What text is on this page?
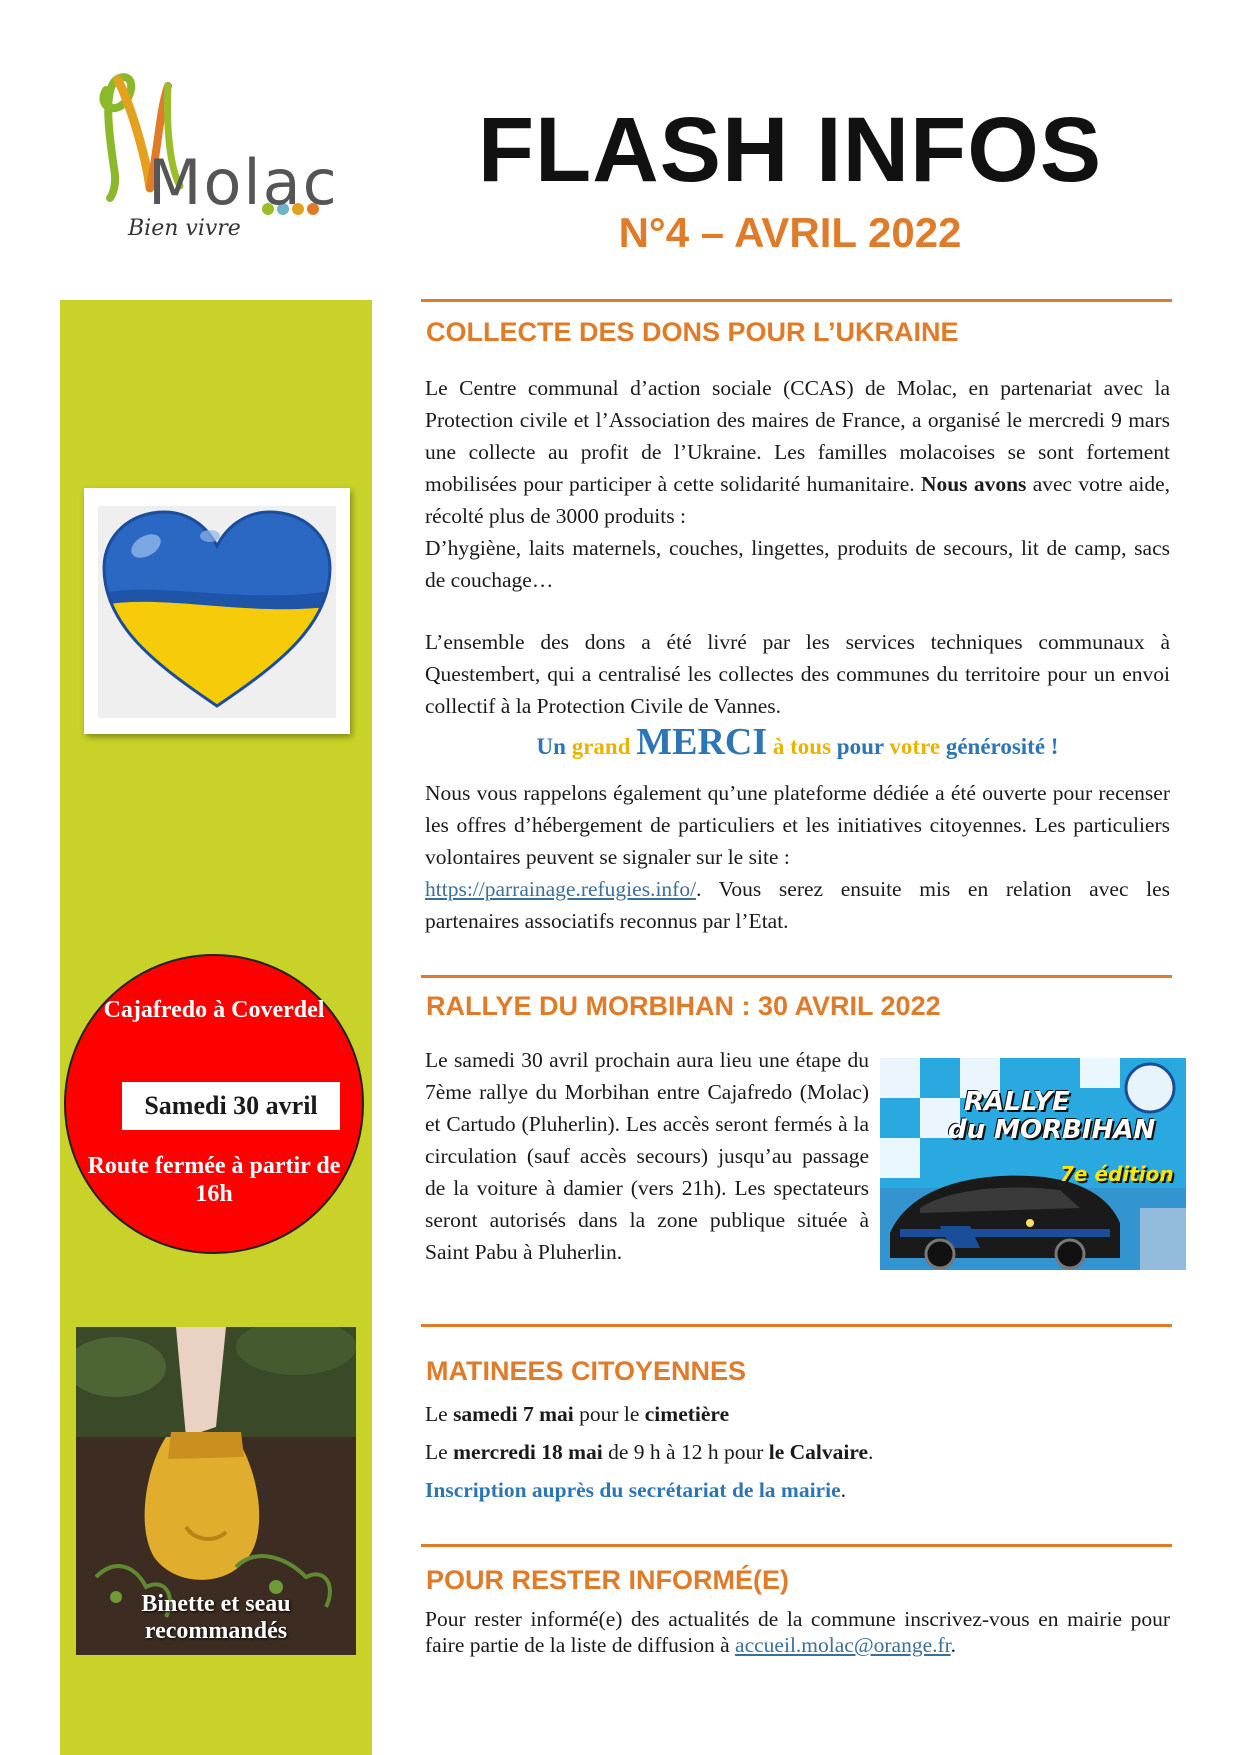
Molac
Bien vivre
FLASH INFOS
N°4 – AVRIL 2022
Cajafredo à Coverdel
Samedi 30 avril
Route fermée à partir de 16h
Binette et seau recommandés
COLLECTE DES DONS POUR L’UKRAINE

Le Centre communal d’action sociale (CCAS) de Molac, en partenariat avec la Protection civile et l’Association des maires de France, a organisé le mercredi 9 mars une collecte au profit de l’Ukraine. Les familles molacoises se sont fortement mobilisées pour participer à cette solidarité humanitaire. Nous avons avec votre aide, récolté plus de 3000 produits :
D’hygiène, laits maternels, couches, lingettes, produits de secours, lit de camp, sacs de couchage…

L’ensemble des dons a été livré par les services techniques communaux à Questembert, qui a centralisé les collectes des communes du territoire pour un envoi collectif à la Protection Civile de Vannes.

Un grand MERCI à tous pour votre générosité !

Nous vous rappelons également qu’une plateforme dédiée a été ouverte pour recenser les offres d’hébergement de particuliers et les initiatives citoyennes. Les particuliers volontaires peuvent se signaler sur le site :
https://parrainage.refugies.info/. Vous serez ensuite mis en relation avec les partenaires associatifs reconnus par l’Etat.

RALLYE DU MORBIHAN : 30 AVRIL 2022

Le samedi 30 avril prochain aura lieu une étape du 7ème rallye du Morbihan entre Cajafredo (Molac) et Cartudo (Pluherlin). Les accès seront fermés à la circulation (sauf accès secours) jusqu’au passage de la voiture à damier (vers 21h). Les spectateurs seront autorisés dans la zone publique située à Saint Pabu à Pluherlin.

RALLYE
du MORBIHAN
7e édition
MATINEES CITOYENNES
Le samedi 7 mai pour le cimetière
Le mercredi 18 mai de 9 h à 12 h pour le Calvaire.
Inscription auprès du secrétariat de la mairie.
POUR RESTER INFORMÉ(E)

Pour rester informé(e) des actualités de la commune inscrivez-vous en mairie pour faire partie de la liste de diffusion à accueil.molac@orange.fr.
